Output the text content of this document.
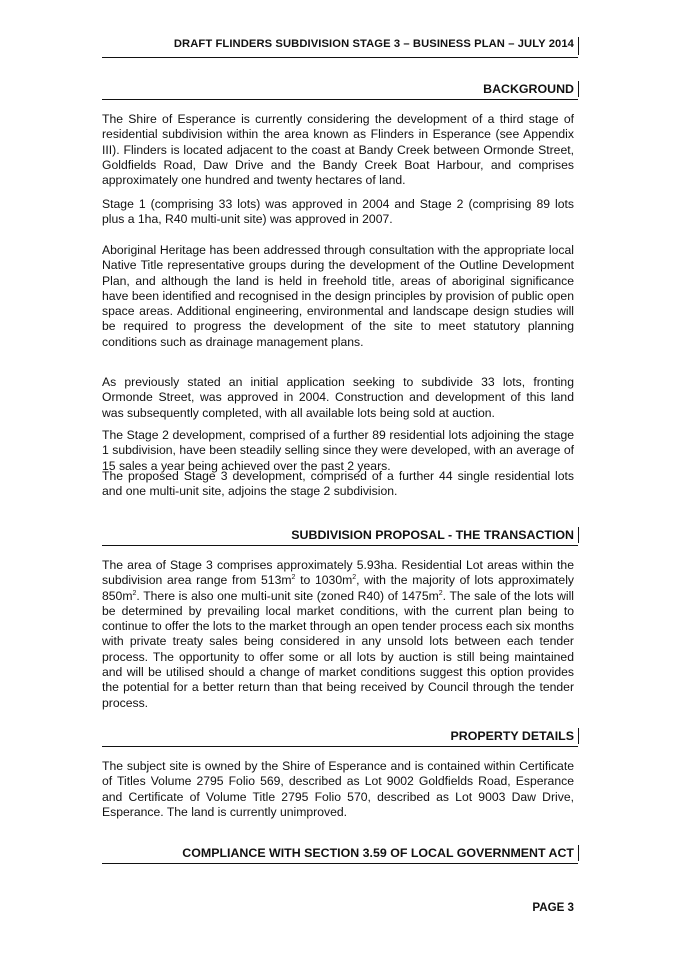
DRAFT FLINDERS SUBDIVISION STAGE 3 – BUSINESS PLAN – JULY 2014
BACKGROUND

The Shire of Esperance is currently considering the development of a third stage of residential subdivision within the area known as Flinders in Esperance (see Appendix III). Flinders is located adjacent to the coast at Bandy Creek between Ormonde Street, Goldfields Road, Daw Drive and the Bandy Creek Boat Harbour, and comprises approximately one hundred and twenty hectares of land.

Stage 1 (comprising 33 lots) was approved in 2004 and Stage 2 (comprising 89 lots plus a 1ha, R40 multi-unit site) was approved in 2007.

Aboriginal Heritage has been addressed through consultation with the appropriate local Native Title representative groups during the development of the Outline Development Plan, and although the land is held in freehold title, areas of aboriginal significance have been identified and recognised in the design principles by provision of public open space areas. Additional engineering, environmental and landscape design studies will be required to progress the development of the site to meet statutory planning conditions such as drainage management plans.

As previously stated an initial application seeking to subdivide 33 lots, fronting Ormonde Street, was approved in 2004. Construction and development of this land was subsequently completed, with all available lots being sold at auction.

The Stage 2 development, comprised of a further 89 residential lots adjoining the stage 1 subdivision, have been steadily selling since they were developed, with an average of 15 sales a year being achieved over the past 2 years.

The proposed Stage 3 development, comprised of a further 44 single residential lots and one multi-unit site, adjoins the stage 2 subdivision.

SUBDIVISION PROPOSAL - THE TRANSACTION

The area of Stage 3 comprises approximately 5.93ha. Residential Lot areas within the subdivision area range from $513m^2$ to $1030m^2$, with the majority of lots approximately $850m^2$. There is also one multi-unit site (zoned R40) of $1475m^2$. The sale of the lots will be determined by prevailing local market conditions, with the current plan being to continue to offer the lots to the market through an open tender process each six months with private treaty sales being considered in any unsold lots between each tender process. The opportunity to offer some or all lots by auction is still being maintained and will be utilised should a change of market conditions suggest this option provides the potential for a better return than that being received by Council through the tender process.

PROPERTY DETAILS

The subject site is owned by the Shire of Esperance and is contained within Certificate of Titles Volume 2795 Folio 569, described as Lot 9002 Goldfields Road, Esperance and Certificate of Volume Title 2795 Folio 570, described as Lot 9003 Daw Drive, Esperance. The land is currently unimproved.

COMPLIANCE WITH SECTION 3.59 OF LOCAL GOVERNMENT ACT
PAGE 3
